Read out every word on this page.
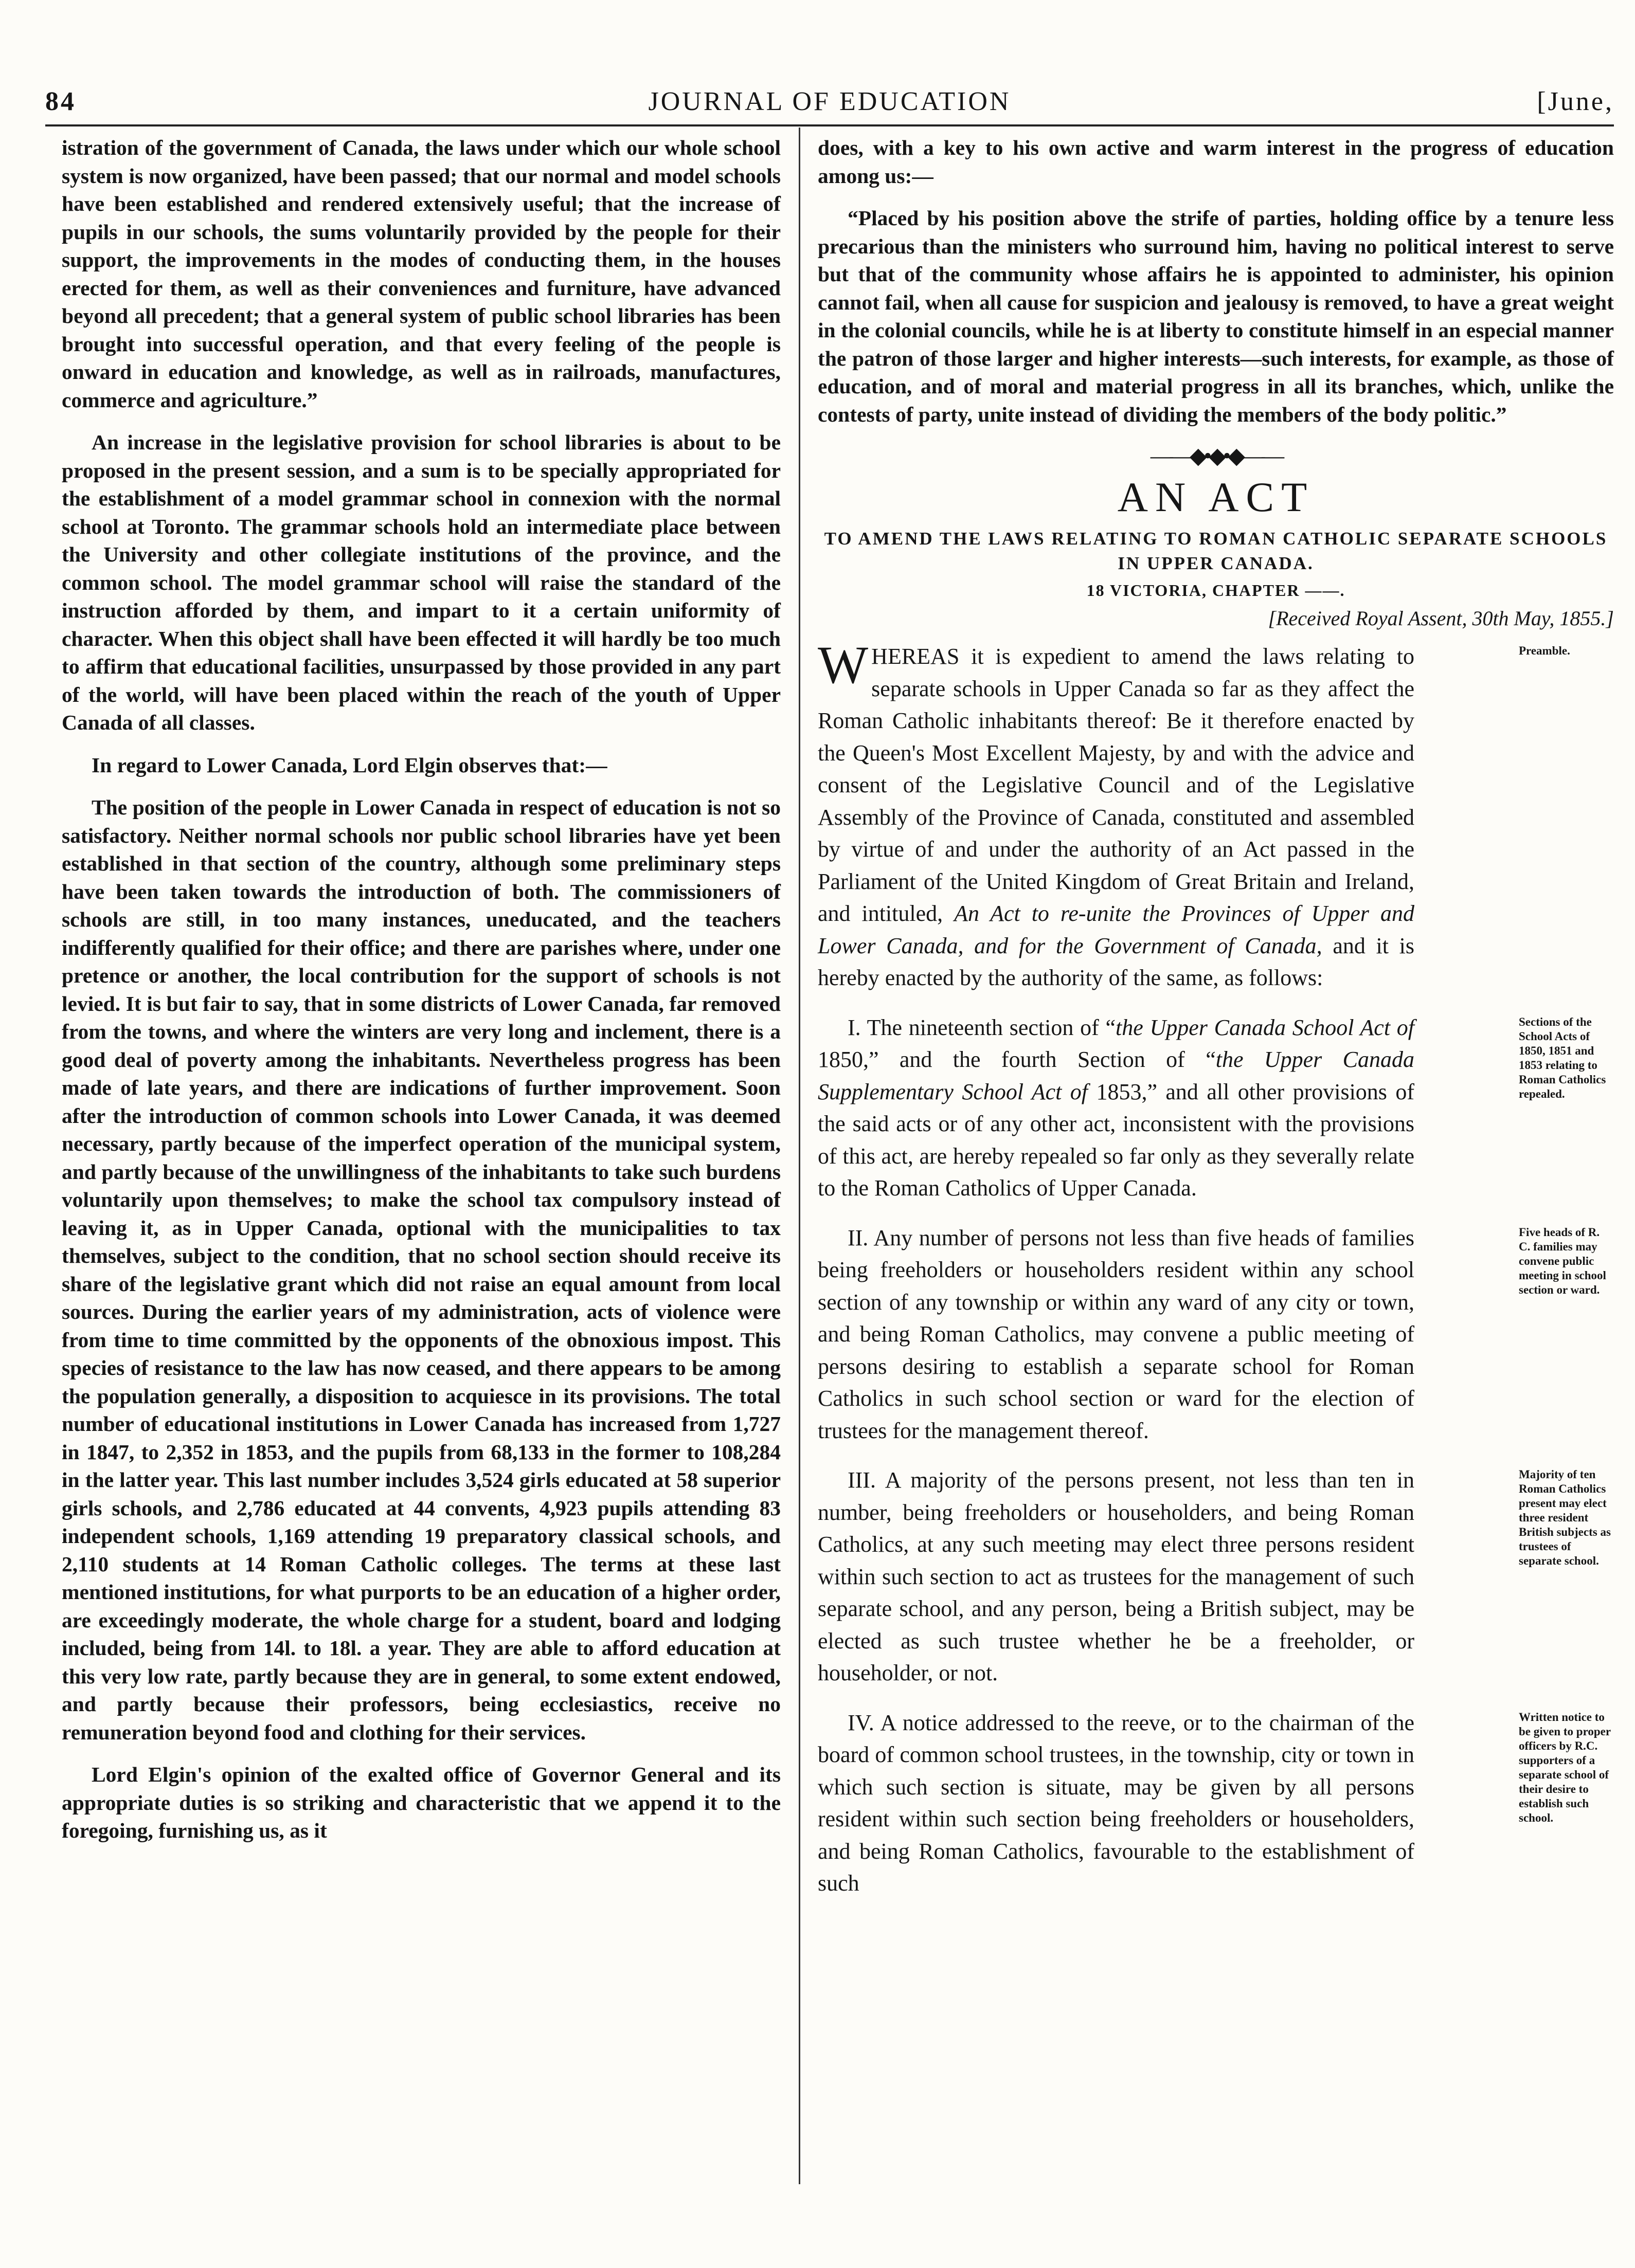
84	JOURNAL OF EDUCATION	[June,

istration of the government of Canada, the laws under which our whole school system is now organized, have been passed; that our normal and model schools have been established and rendered extensively useful; that the increase of pupils in our schools, the sums voluntarily provided by the people for their support, the improvements in the modes of conducting them, in the houses erected for them, as well as their conveniences and furniture, have advanced beyond all precedent; that a general system of public school libraries has been brought into successful operation, and that every feeling of the people is onward in education and knowledge, as well as in railroads, manufactures, commerce and agriculture.”

An increase in the legislative provision for school libraries is about to be proposed in the present session, and a sum is to be specially appropriated for the establishment of a model grammar school in connexion with the normal school at Toronto. The grammar schools hold an intermediate place between the University and other collegiate institutions of the province, and the common school. The model grammar school will raise the standard of the instruction afforded by them, and impart to it a certain uniformity of character. When this object shall have been effected it will hardly be too much to affirm that educational facilities, unsurpassed by those provided in any part of the world, will have been placed within the reach of the youth of Upper Canada of all classes.

In regard to Lower Canada, Lord Elgin observes that:—

The position of the people in Lower Canada in respect of education is not so satisfactory. Neither normal schools nor public school libraries have yet been established in that section of the country, although some preliminary steps have been taken towards the introduction of both. The commissioners of schools are still, in too many instances, uneducated, and the teachers indifferently qualified for their office; and there are parishes where, under one pretence or another, the local contribution for the support of schools is not levied. It is but fair to say, that in some districts of Lower Canada, far removed from the towns, and where the winters are very long and inclement, there is a good deal of poverty among the inhabitants. Nevertheless progress has been made of late years, and there are indications of further improvement. Soon after the introduction of common schools into Lower Canada, it was deemed necessary, partly because of the imperfect operation of the municipal system, and partly because of the unwillingness of the inhabitants to take such burdens voluntarily upon themselves; to make the school tax compulsory instead of leaving it, as in Upper Canada, optional with the municipalities to tax themselves, subject to the condition, that no school section should receive its share of the legislative grant which did not raise an equal amount from local sources. During the earlier years of my administration, acts of violence were from time to time committed by the opponents of the obnoxious impost. This species of resistance to the law has now ceased, and there appears to be among the population generally, a disposition to acquiesce in its provisions. The total number of educational institutions in Lower Canada has increased from 1,727 in 1847, to 2,352 in 1853, and the pupils from 68,133 in the former to 108,284 in the latter year. This last number includes 3,524 girls educated at 58 superior girls schools, and 2,786 educated at 44 convents, 4,923 pupils attending 83 independent schools, 1,169 attending 19 preparatory classical schools, and 2,110 students at 14 Roman Catholic colleges. The terms at these last mentioned institutions, for what purports to be an education of a higher order, are exceedingly moderate, the whole charge for a student, board and lodging included, being from 14l. to 18l. a year. They are able to afford education at this very low rate, partly because they are in general, to some extent endowed, and partly because their professors, being ecclesiastics, receive no remuneration beyond food and clothing for their services.

Lord Elgin's opinion of the exalted office of Governor General and its appropriate duties is so striking and characteristic that we append it to the foregoing, furnishing us, as it

does, with a key to his own active and warm interest in the progress of education among us:—

“Placed by his position above the strife of parties, holding office by a tenure less precarious than the ministers who surround him, having no political interest to serve but that of the community whose affairs he is appointed to administer, his opinion cannot fail, when all cause for suspicion and jealousy is removed, to have a great weight in the colonial councils, while he is at liberty to constitute himself in an especial manner the patron of those larger and higher interests—such interests, for example, as those of education, and of moral and material progress in all its branches, which, unlike the contests of party, unite instead of dividing the members of the body politic.”

——◆•◆•◆——
AN ACT
TO AMEND THE LAWS RELATING TO ROMAN CATHOLIC SEPARATE SCHOOLS IN UPPER CANADA.
18 VICTORIA, CHAPTER ——.
[Received Royal Assent, 30th May, 1855.]
WHEREAS it is expedient to amend the laws relating to separate schools in Upper Canada so far as they affect the Roman Catholic inhabitants thereof: Be it therefore enacted by the Queen's Most Excellent Majesty, by and with the advice and consent of the Legislative Council and of the Legislative Assembly of the Province of Canada, constituted and assembled by virtue of and under the authority of an Act passed in the Parliament of the United Kingdom of Great Britain and Ireland, and intituled, An Act to re-unite the Provinces of Upper and Lower Canada, and for the Government of Canada, and it is hereby enacted by the authority of the same, as follows:
Preamble.
I. The nineteenth section of “the Upper Canada School Act of 1850,” and the fourth Section of “the Upper Canada Supplementary School Act of 1853,” and all other provisions of the said acts or of any other act, inconsistent with the provisions of this act, are hereby repealed so far only as they severally relate to the Roman Catholics of Upper Canada.
Sections of the School Acts of 1850, 1851 and 1853 relating to Roman Catholics repealed.
II. Any number of persons not less than five heads of families being freeholders or householders resident within any school section of any township or within any ward of any city or town, and being Roman Catholics, may convene a public meeting of persons desiring to establish a separate school for Roman Catholics in such school section or ward for the election of trustees for the management thereof.
Five heads of R. C. families may convene public meeting in school section or ward.
III. A majority of the persons present, not less than ten in number, being freeholders or householders, and being Roman Catholics, at any such meeting may elect three persons resident within such section to act as trustees for the management of such separate school, and any person, being a British subject, may be elected as such trustee whether he be a freeholder, or householder, or not.
Majority of ten Roman Catholics present may elect three resident British subjects as trustees of separate school.
IV. A notice addressed to the reeve, or to the chairman of the board of common school trustees, in the township, city or town in which such section is situate, may be given by all persons resident within such section being freeholders or householders, and being Roman Catholics, favourable to the establishment of such
Written notice to be given to proper officers by R.C. supporters of a separate school of their desire to establish such school.
